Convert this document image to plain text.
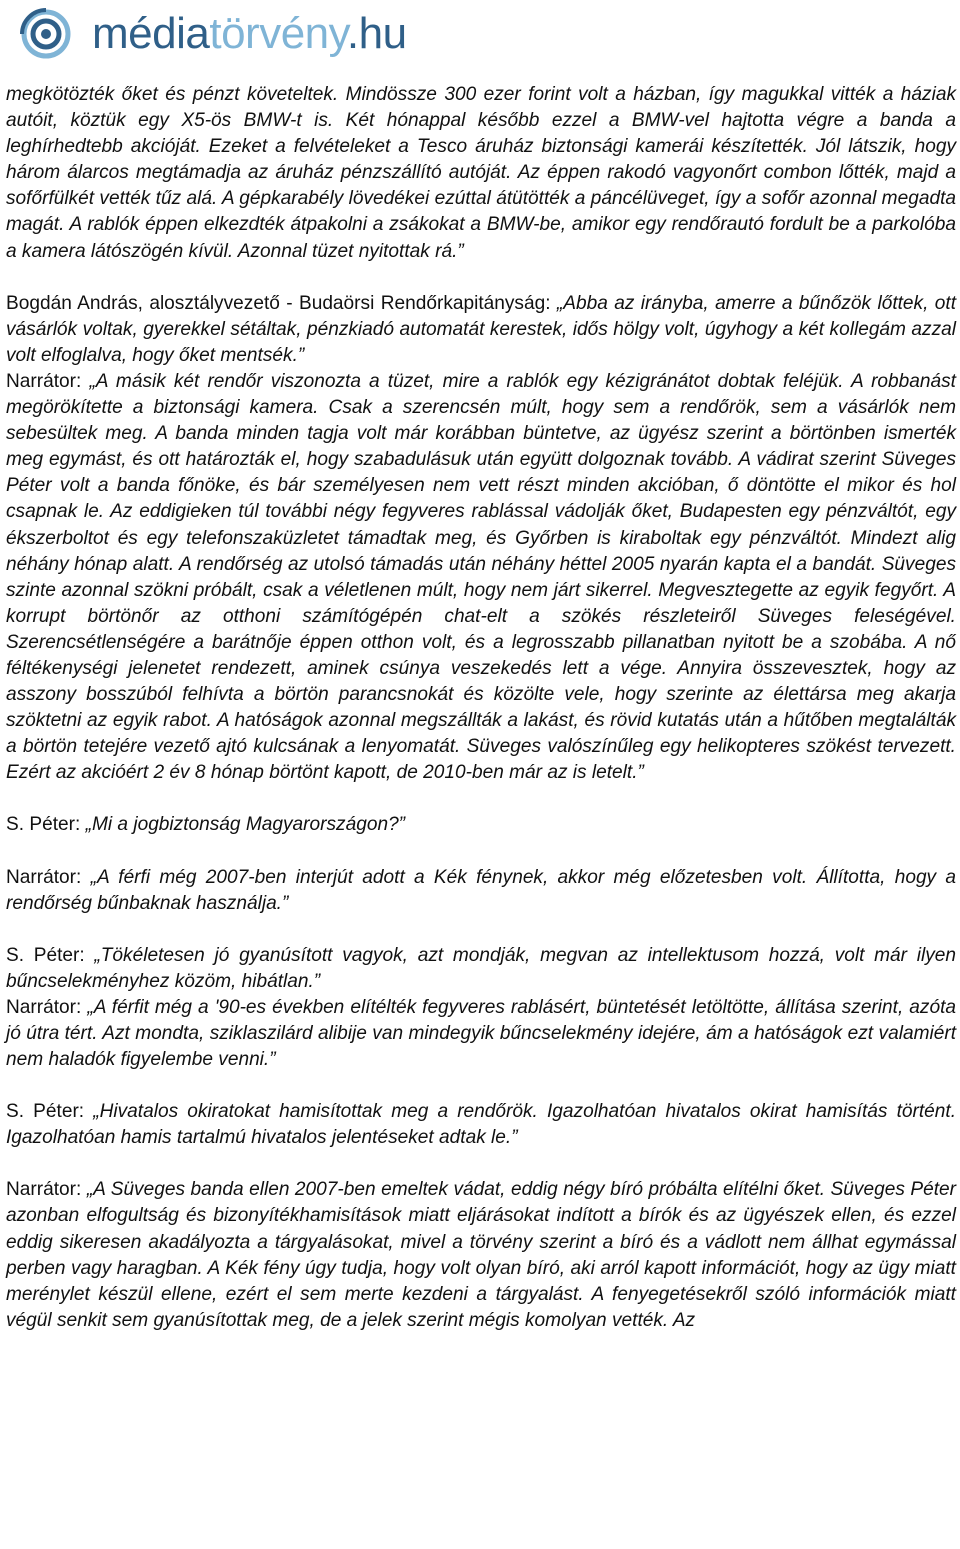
médiatörvény.hu

megkötözték őket és pénzt követeltek. Mindössze 300 ezer forint volt a házban, így magukkal vitték a háziak autóit, köztük egy X5-ös BMW-t is. Két hónappal később ezzel a BMW-vel hajtotta végre a banda a leghírhedtebb akcióját. Ezeket a felvételeket a Tesco áruház biztonsági kamerái készítették. Jól látszik, hogy három álarcos megtámadja az áruház pénzszállító autóját. Az éppen rakodó vagyonőrt combon lőtték, majd a sofőrfülkét vették tűz alá. A gépkarabély lövedékei ezúttal átütötték a páncélüveget, így a sofőr azonnal megadta magát. A rablók éppen elkezdték átpakolni a zsákokat a BMW-be, amikor egy rendőrautó fordult be a parkolóba a kamera látószögén kívül. Azonnal tüzet nyitottak rá.”

Bogdán András, alosztályvezető - Budaörsi Rendőrkapitányság: „Abba az irányba, amerre a bűnőzök lőttek, ott vásárlók voltak, gyerekkel sétáltak, pénzkiadó automatát kerestek, idős hölgy volt, úgyhogy a két kollegám azzal volt elfoglalva, hogy őket mentsék.”

Narrátor: „A másik két rendőr viszonozta a tüzet, mire a rablók egy kézigránátot dobtak feléjük. A robbanást megörökítette a biztonsági kamera. Csak a szerencsén múlt, hogy sem a rendőrök, sem a vásárlók nem sebesültek meg. A banda minden tagja volt már korábban büntetve, az ügyész szerint a börtönben ismerték meg egymást, és ott határozták el, hogy szabadulásuk után együtt dolgoznak tovább. A vádirat szerint Süveges Péter volt a banda főnöke, és bár személyesen nem vett részt minden akcióban, ő döntötte el mikor és hol csapnak le. Az eddigieken túl további négy fegyveres rablással vádolják őket, Budapesten egy pénzváltót, egy ékszerboltot és egy telefonszaküzletet támadtak meg, és Győrben is kiraboltak egy pénzváltót. Mindezt alig néhány hónap alatt. A rendőrség az utolsó támadás után néhány héttel 2005 nyarán kapta el a bandát. Süveges szinte azonnal szökni próbált, csak a véletlenen múlt, hogy nem járt sikerrel. Megvesztegette az egyik fegyőrt. A korrupt börtönőr az otthoni számítógépén chat-elt a szökés részleteiről Süveges feleségével. Szerencsétlenségére a barátnője éppen otthon volt, és a legrosszabb pillanatban nyitott be a szobába. A nő féltékenységi jelenetet rendezett, aminek csúnya veszekedés lett a vége. Annyira összevesztek, hogy az asszony bosszúból felhívta a börtön parancsnokát és közölte vele, hogy szerinte az élettársa meg akarja szöktetni az egyik rabot. A hatóságok azonnal megszállták a lakást, és rövid kutatás után a hűtőben megtalálták a börtön tetejére vezető ajtó kulcsának a lenyomatát. Süveges valószínűleg egy helikopteres szökést tervezett. Ezért az akcióért 2 év 8 hónap börtönt kapott, de 2010-ben már az is letelt.”

S. Péter: „Mi a jogbiztonság Magyarországon?”

Narrátor: „A férfi még 2007-ben interjút adott a Kék fénynek, akkor még előzetesben volt. Állította, hogy a rendőrség bűnbaknak használja.”

S. Péter: „Tökéletesen jó gyanúsított vagyok, azt mondják, megvan az intellektusom hozzá, volt már ilyen bűncselekményhez közöm, hibátlan.”

Narrátor: „A férfit még a '90-es években elítélték fegyveres rablásért, büntetését letöltötte, állítása szerint, azóta jó útra tért. Azt mondta, sziklaszilárd alibije van mindegyik bűncselekmény idejére, ám a hatóságok ezt valamiért nem haladók figyelembe venni.”

S. Péter: „Hivatalos okiratokat hamisítottak meg a rendőrök. Igazolhatóan hivatalos okirat hamisítás történt. Igazolhatóan hamis tartalmú hivatalos jelentéseket adtak le.”

Narrátor: „A Süveges banda ellen 2007-ben emeltek vádat, eddig négy bíró próbálta elítélni őket. Süveges Péter azonban elfogultság és bizonyítékhamisítások miatt eljárásokat indított a bírók és az ügyészek ellen, és ezzel eddig sikeresen akadályozta a tárgyalásokat, mivel a törvény szerint a bíró és a vádlott nem állhat egymással perben vagy haragban. A Kék fény úgy tudja, hogy volt olyan bíró, aki arról kapott információt, hogy az ügy miatt merénylet készül ellene, ezért el sem merte kezdeni a tárgyalást. A fenyegetésekről szóló információk miatt végül senkit sem gyanúsítottak meg, de a jelek szerint mégis komolyan vették. Az
